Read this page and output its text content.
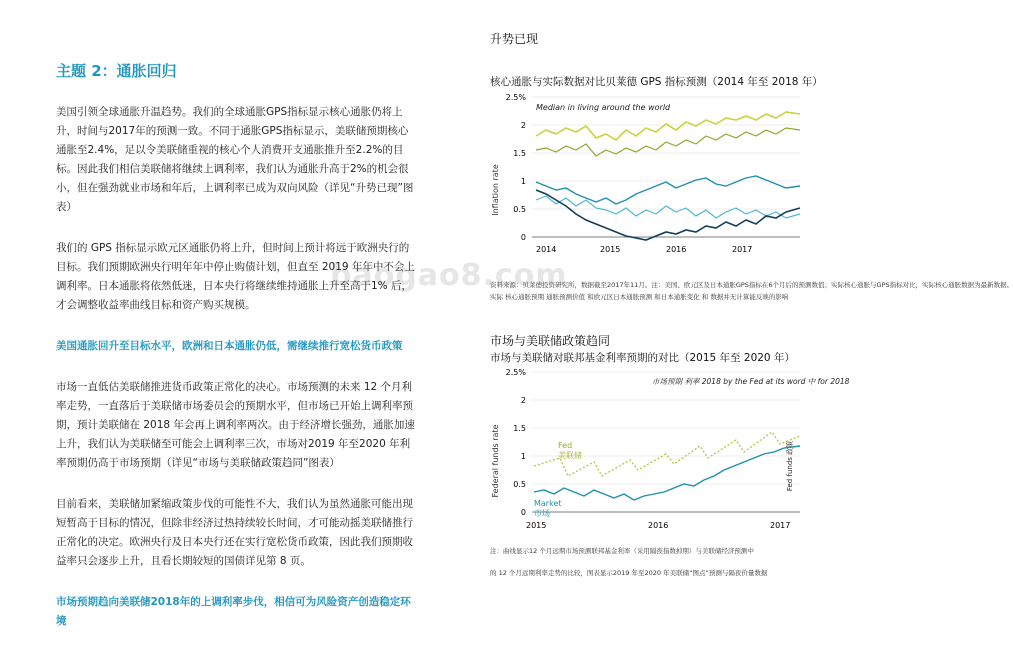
baogao8.com
主题 2：通胀回归

美国引领全球通胀升温趋势。我们的全球通胀GPS指标显示核心通胀仍将上升，时间与2017年的预测一致。不同于通胀GPS指标显示，美联储预期核心通胀至2.4%，足以令美联储重视的核心个人消费开支通胀推升至2.2%的目标。因此我们相信美联储将继续上调利率，我们认为通胀升高于2%的机会很小，但在强劲就业市场和年后，上调利率已成为双向风险（详见“升势已现”图表）

我们的 GPS 指标显示欧元区通胀仍将上升，但时间上预计将远于欧洲央行的目标。我们预期欧洲央行明年年中停止购债计划，但直至 2019 年年中不会上调利率。日本通胀将依然低迷，日本央行将继续维持通胀上升至高于1% 后，才会调整收益率曲线目标和资产购买规模。

美国通胀回升至目标水平，欧洲和日本通胀仍低，需继续推行宽松货币政策

市场一直低估美联储推进货币政策正常化的决心。市场预测的未来 12 个月利率走势，一直落后于美联储市场委员会的预期水平，但市场已开始上调利率预期，预计美联储在 2018 年会再上调利率两次。由于经济增长强劲，通胀加速上升，我们认为美联储至可能会上调利率三次，市场对2019 年至2020 年利率预期仍高于市场预期（详见“市场与美联储政策趋同”图表）

目前看来，美联储加紧缩政策步伐的可能性不大，我们认为虽然通胀可能出现短暂高于目标的情况，但除非经济过热持续较长时间，才可能动摇美联储推行正常化的决定。欧洲央行及日本央行还在实行宽松货币政策，因此我们预期收益率只会逐步上升，且看长期较短的国债详见第 8 页。

市场预期趋向美联储2018年的上调利率步伐，相信可为风险资产创造稳定环境

升势已现
核心通胀与实际数据对比贝莱德 GPS 指标预测（2014 年至 2018 年）
Inflation rate
2.5%
2
1.5
1
0.5
0
Median in living around the world
2014	2015	2016	2017
资料来源：贝莱德投资研究所，数据截至2017年11月。注：美国、欧元区及日本通胀GPS指标在6个月后的预测数值；实际核心通胀与GPS指标对比，实际核心通胀数据为最新数据。
实际 核心通胀预期 通胀预测价值 和欧元区日本通胀预测 和日本通胀变化 和 数据并无计算能反映的影响
市场与美联储政策趋同
市场与美联储对联邦基金利率预期的对比（2015 年至 2020 年）
Federal funds rate
2.5%
2
1.5
1
0.5
0
市场预期 利率 2018 by the Fed at its word 中 for 2018
Fed
美联储
Market
市场
Fed funds 政策
2015	2016	2017
注：曲线显示12 个月远期市场预测联邦基金利率（采用隔夜指数掉期）与美联储经济预测中
的 12 个月远期利率走势的比较，图表显示2019 年至2020 年美联储“图点”预测与隔夜价量数据
